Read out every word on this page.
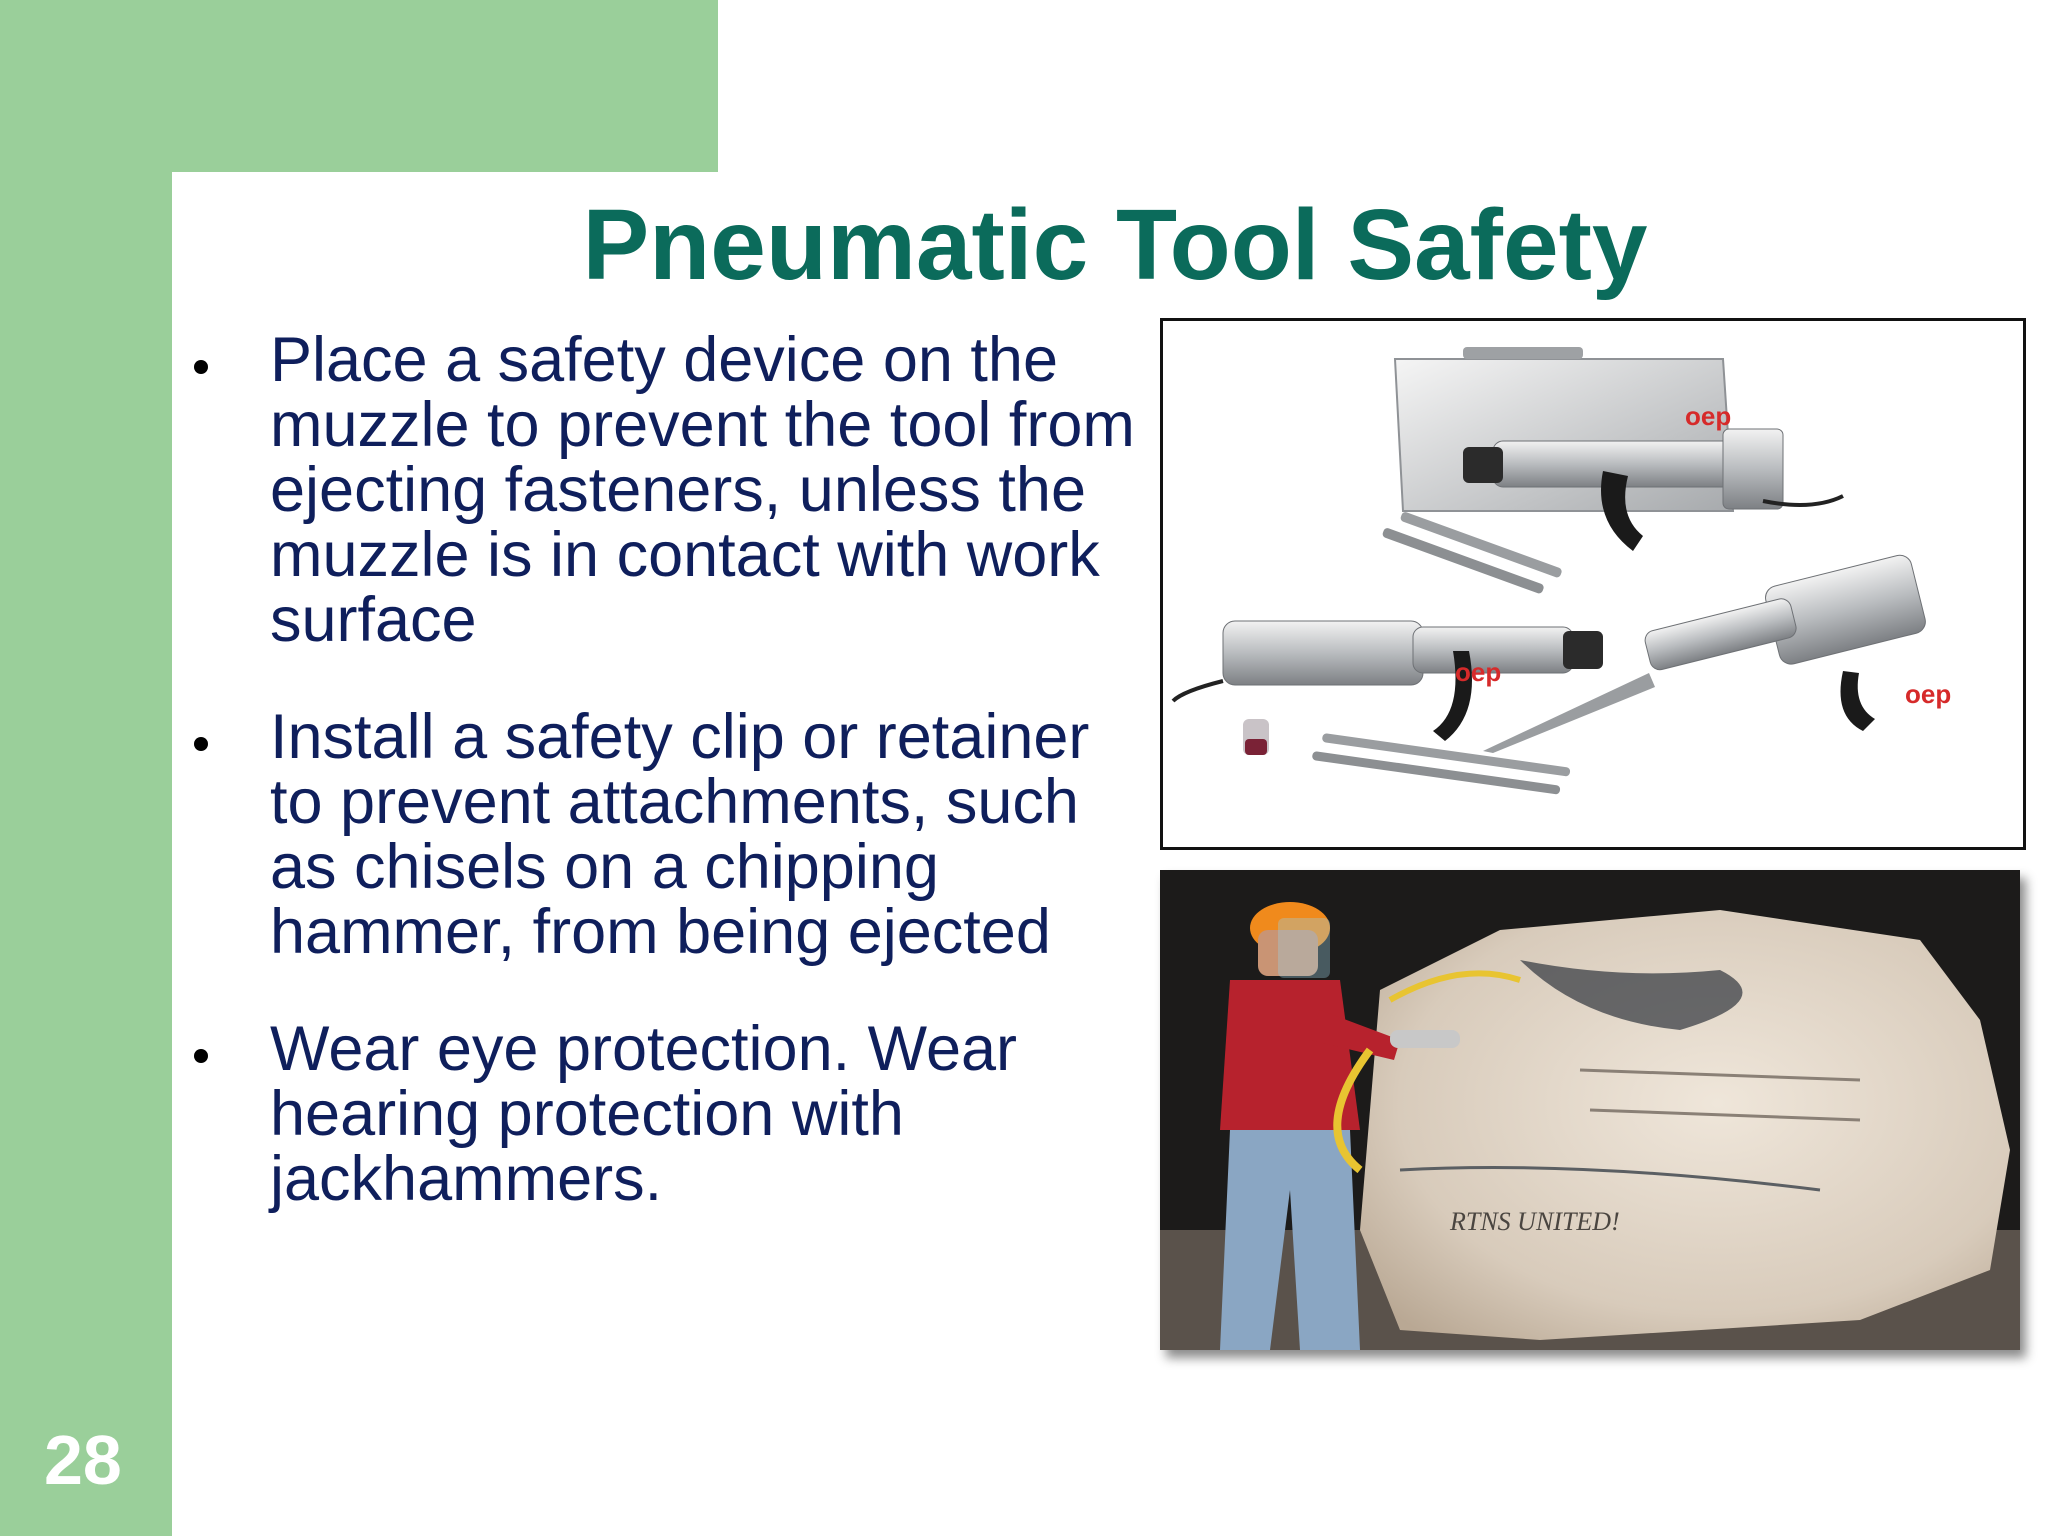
28
Pneumatic Tool Safety
Place a safety device on the muzzle to prevent the tool from ejecting fasteners, unless the muzzle is in contact with work surface
Install a safety clip or retainer to prevent attachments, such as chisels on a chipping hammer, from being ejected
Wear eye protection. Wear hearing protection with jackhammers.
oep
oep
oep
RTNS UNITED!
